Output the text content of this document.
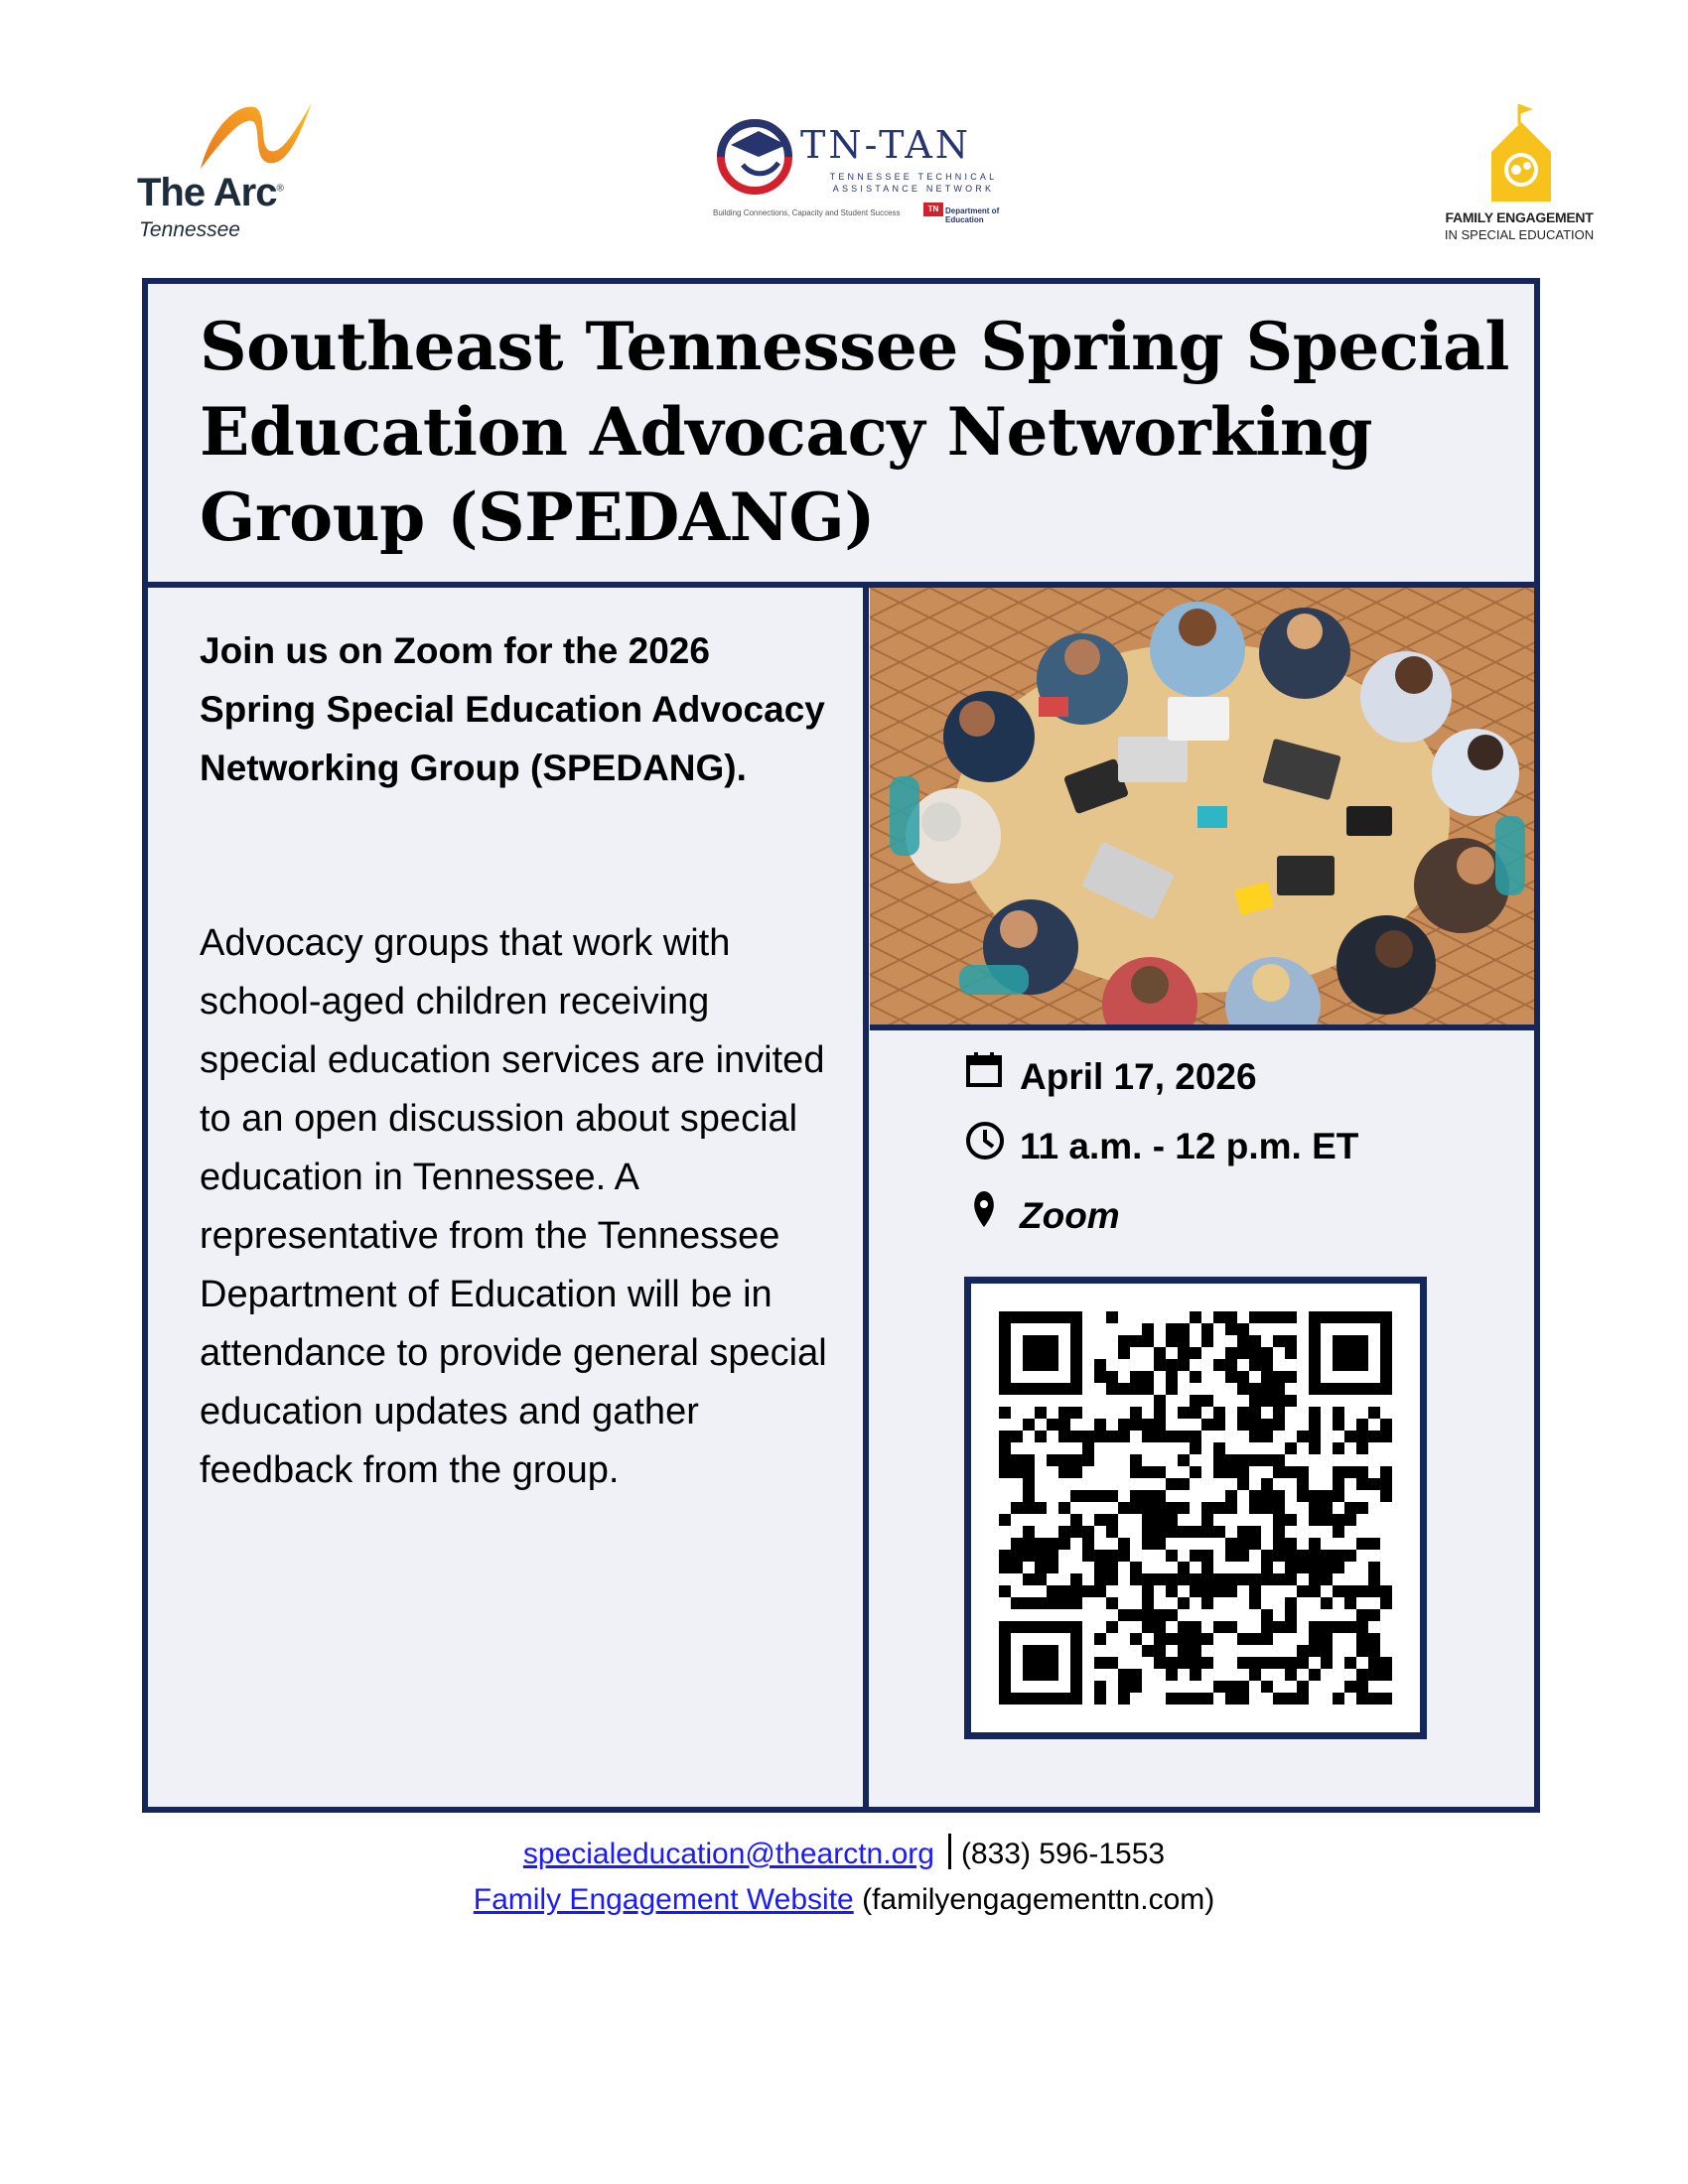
The Arc®
Tennessee
TN-TAN
TENNESSEE TECHNICAL
ASSISTANCE NETWORK
Building Connections, Capacity and Student Success	TN Department of Education	FAMILY ENGAGEMENT
IN SPECIAL EDUCATION
Southeast Tennessee Spring Special Education Advocacy Networking Group (SPEDANG)

Join us on Zoom for the 2026 Spring Special Education Advocacy Networking Group (SPEDANG).

Advocacy groups that work with school-aged children receiving special education services are invited to an open discussion about special education in Tennessee. A representative from the Tennessee Department of Education will be in attendance to provide general special education updates and gather feedback from the group.

April 17, 2026
11 a.m. - 12 p.m. ET
Zoom
specialeducation@thearctn.org (833) 596-1553
Family Engagement Website (familyengagementtn.com)
